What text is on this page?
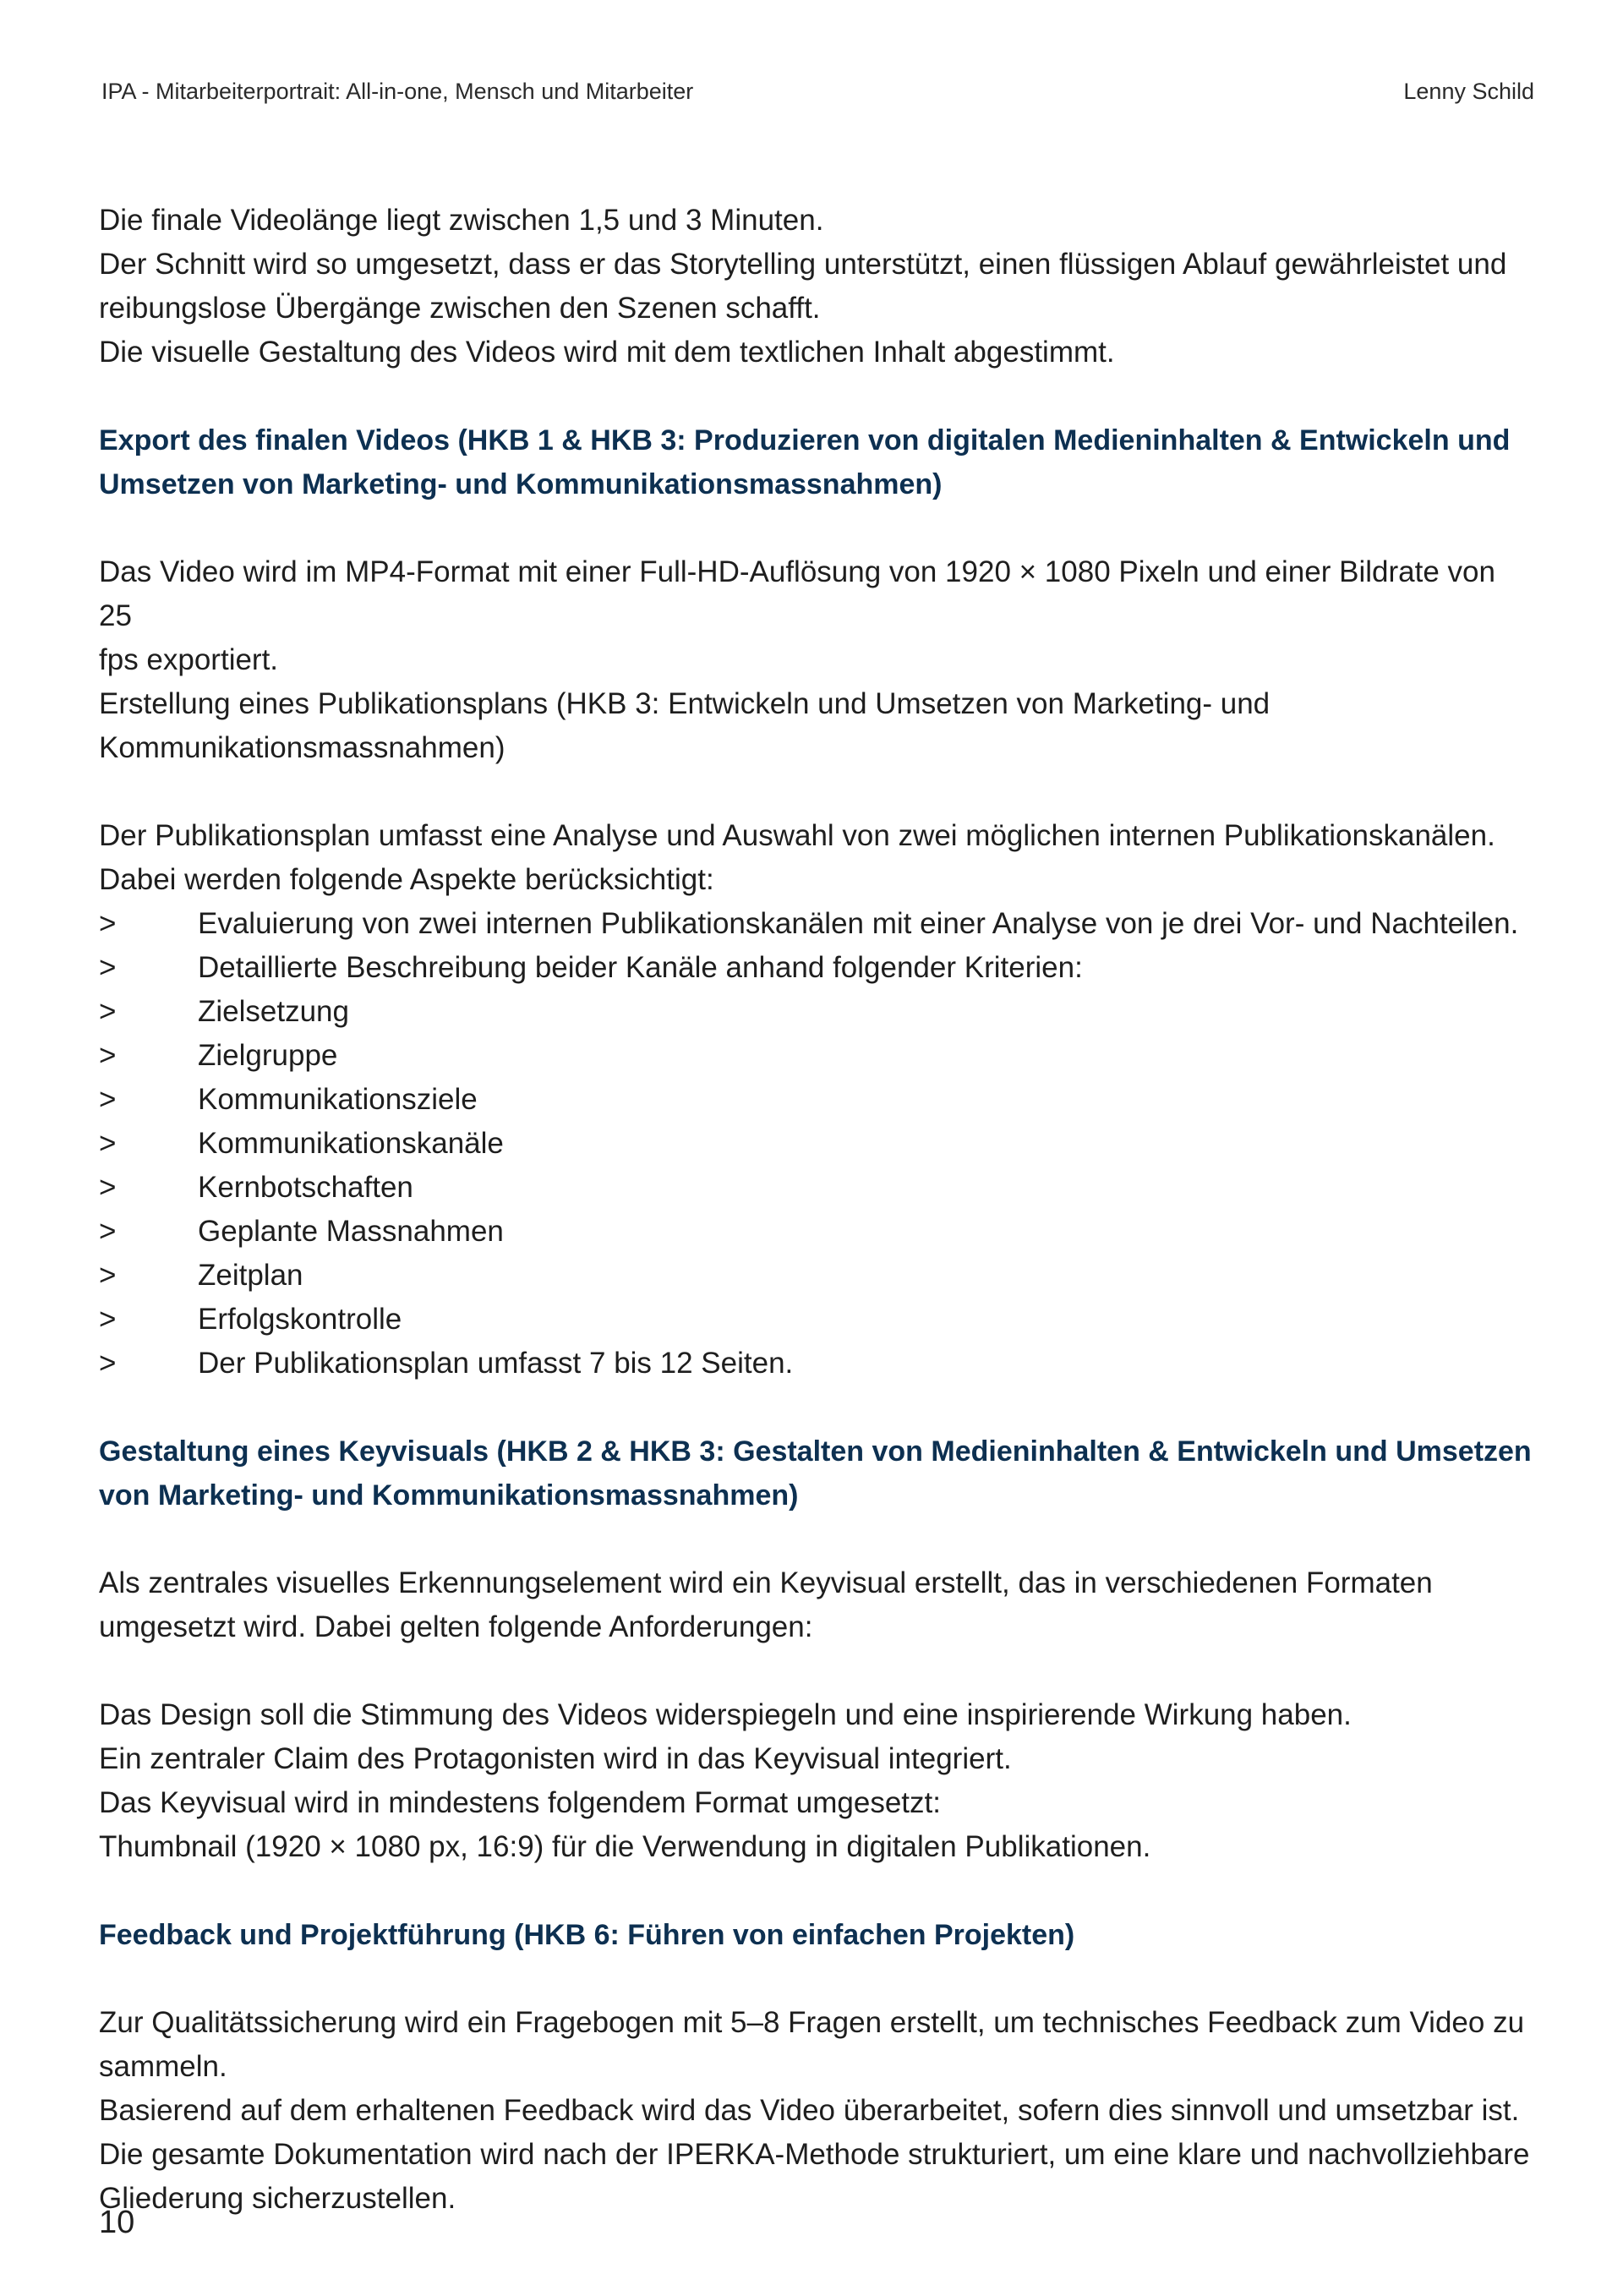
IPA - Mitarbeiterportrait: All-in-one, Mensch und Mitarbeiter	Lenny Schild
Die finale Videolänge liegt zwischen 1,5 und 3 Minuten.
Der Schnitt wird so umgesetzt, dass er das Storytelling unterstützt, einen flüssigen Ablauf gewährleistet und
reibungslose Übergänge zwischen den Szenen schafft.
Die visuelle Gestaltung des Videos wird mit dem textlichen Inhalt abgestimmt.
Export des finalen Videos (HKB 1 & HKB 3: Produzieren von digitalen Medieninhalten & Entwickeln und
Umsetzen von Marketing- und Kommunikationsmassnahmen)
Das Video wird im MP4-Format mit einer Full-HD-Auflösung von 1920 × 1080 Pixeln und einer Bildrate von 25
fps exportiert.
Erstellung eines Publikationsplans (HKB 3: Entwickeln und Umsetzen von Marketing- und
Kommunikationsmassnahmen)
Der Publikationsplan umfasst eine Analyse und Auswahl von zwei möglichen internen Publikationskanälen.
Dabei werden folgende Aspekte berücksichtigt:
>	Evaluierung von zwei internen Publikationskanälen mit einer Analyse von je drei Vor- und Nachteilen.
>	Detaillierte Beschreibung beider Kanäle anhand folgender Kriterien:
>	Zielsetzung
>	Zielgruppe
>	Kommunikationsziele
>	Kommunikationskanäle
>	Kernbotschaften
>	Geplante Massnahmen
>	Zeitplan
>	Erfolgskontrolle
>	Der Publikationsplan umfasst 7 bis 12 Seiten.
Gestaltung eines Keyvisuals (HKB 2 & HKB 3: Gestalten von Medieninhalten & Entwickeln und Umsetzen
von Marketing- und Kommunikationsmassnahmen)
Als zentrales visuelles Erkennungselement wird ein Keyvisual erstellt, das in verschiedenen Formaten
umgesetzt wird. Dabei gelten folgende Anforderungen:
Das Design soll die Stimmung des Videos widerspiegeln und eine inspirierende Wirkung haben.
Ein zentraler Claim des Protagonisten wird in das Keyvisual integriert.
Das Keyvisual wird in mindestens folgendem Format umgesetzt:
Thumbnail (1920 × 1080 px, 16:9) für die Verwendung in digitalen Publikationen.
Feedback und Projektführung (HKB 6: Führen von einfachen Projekten)
Zur Qualitätssicherung wird ein Fragebogen mit 5–8 Fragen erstellt, um technisches Feedback zum Video zu
sammeln.
Basierend auf dem erhaltenen Feedback wird das Video überarbeitet, sofern dies sinnvoll und umsetzbar ist.
Die gesamte Dokumentation wird nach der IPERKA-Methode strukturiert, um eine klare und nachvollziehbare
Gliederung sicherzustellen.
10
